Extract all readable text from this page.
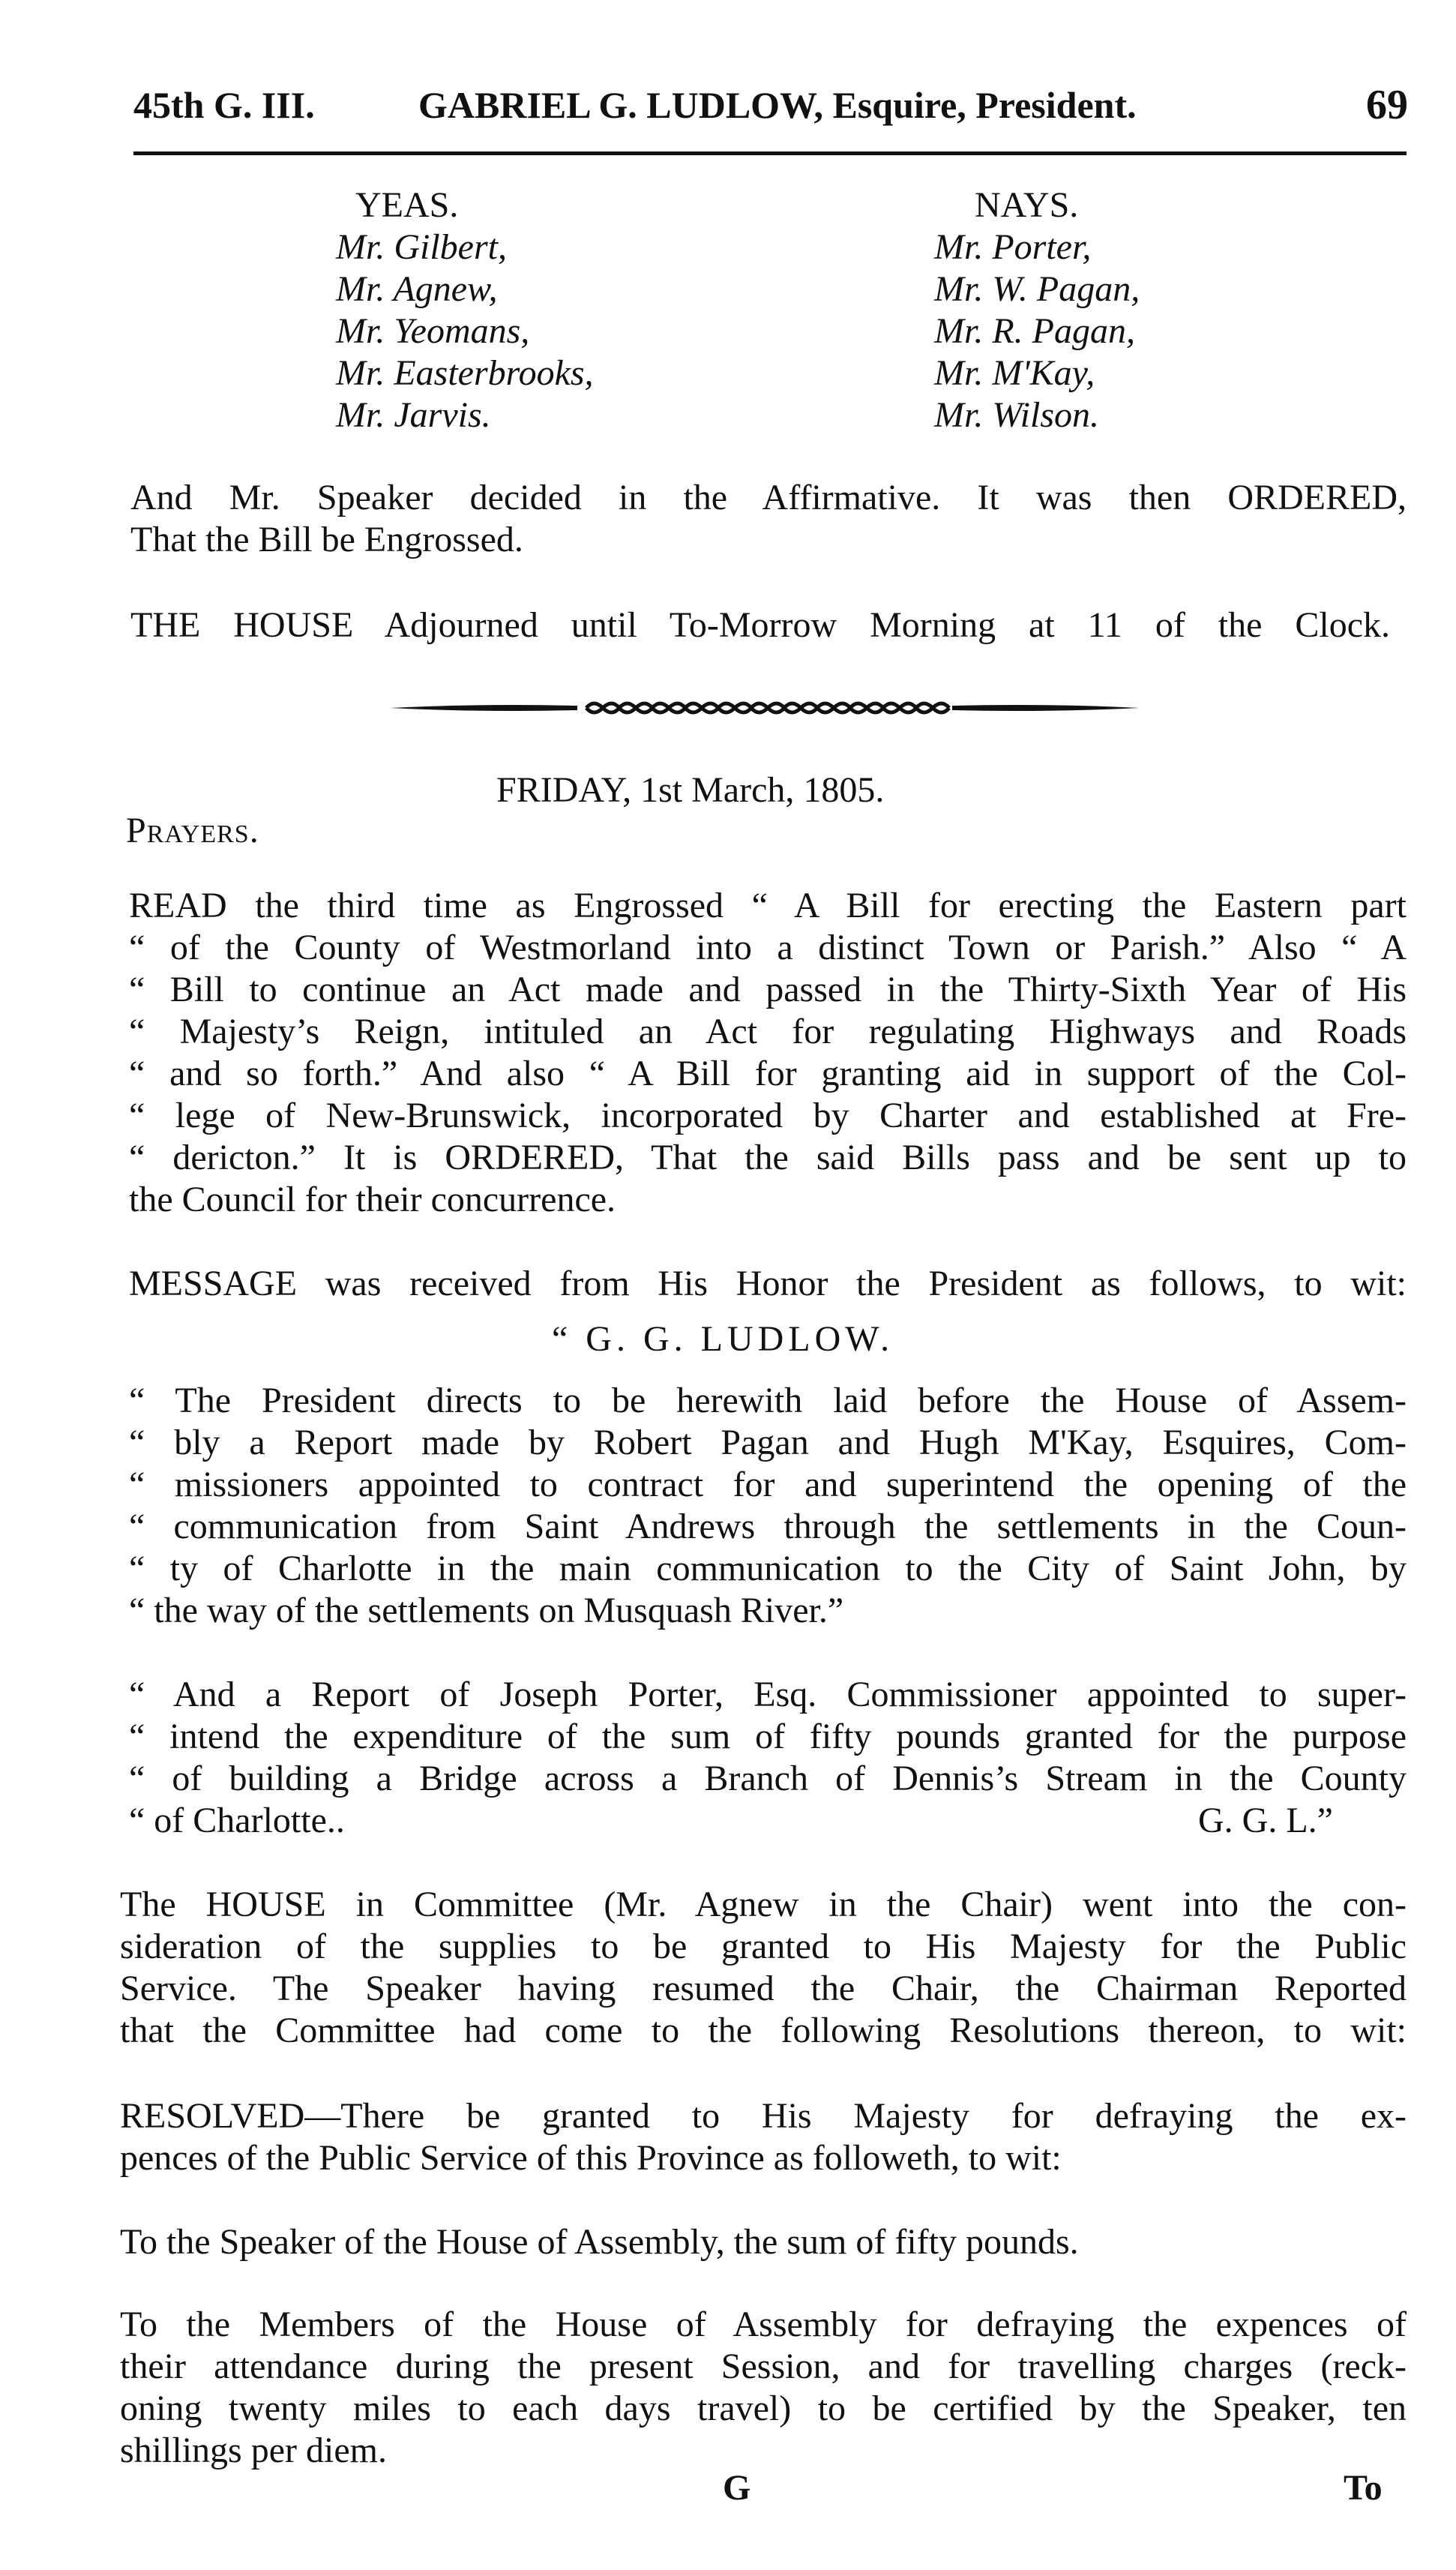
45th G. III.	GABRIEL G. LUDLOW, Esquire, President.	69
YEAS.
Mr. Gilbert,
Mr. Agnew,
Mr. Yeomans,
Mr. Easterbrooks,
Mr. Jarvis.
NAYS.
Mr. Porter,
Mr. W. Pagan,
Mr. R. Pagan,
Mr. M'Kay,
Mr. Wilson.
And Mr. Speaker decided in the Affirmative. It was then ORDERED,
That the Bill be Engrossed.
THE HOUSE Adjourned until To-Morrow Morning at 11 of the Clock.
FRIDAY, 1st March, 1805.
Prayers.
READ the third time as Engrossed “ A Bill for erecting the Eastern part
“ of the County of Westmorland into a distinct Town or Parish.” Also “ A
“ Bill to continue an Act made and passed in the Thirty-Sixth Year of His
“ Majesty’s Reign, intituled an Act for regulating Highways and Roads
“ and so forth.” And also “ A Bill for granting aid in support of the Col-
“ lege of New-Brunswick, incorporated by Charter and established at Fre-
“ dericton.” It is ORDERED, That the said Bills pass and be sent up to
the Council for their concurrence.
MESSAGE was received from His Honor the President as follows, to wit:
“ G. G. LUDLOW.
“ The President directs to be herewith laid before the House of Assem-
“ bly a Report made by Robert Pagan and Hugh M'Kay, Esquires, Com-
“ missioners appointed to contract for and superintend the opening of the
“ communication from Saint Andrews through the settlements in the Coun-
“ ty of Charlotte in the main communication to the City of Saint John, by
“ the way of the settlements on Musquash River.”
“ And a Report of Joseph Porter, Esq. Commissioner appointed to super-
“ intend the expenditure of the sum of fifty pounds granted for the purpose
“ of building a Bridge across a Branch of Dennis’s Stream in the County
“ of Charlotte..	G. G. L.”
The HOUSE in Committee (Mr. Agnew in the Chair) went into the con-
sideration of the supplies to be granted to His Majesty for the Public
Service. The Speaker having resumed the Chair, the Chairman Reported
that the Committee had come to the following Resolutions thereon, to wit:
RESOLVED—There be granted to His Majesty for defraying the ex-
pences of the Public Service of this Province as followeth, to wit:
To the Speaker of the House of Assembly, the sum of fifty pounds.
To the Members of the House of Assembly for defraying the expences of
their attendance during the present Session, and for travelling charges (reck-
oning twenty miles to each days travel) to be certified by the Speaker, ten
shillings per diem.
G	To
